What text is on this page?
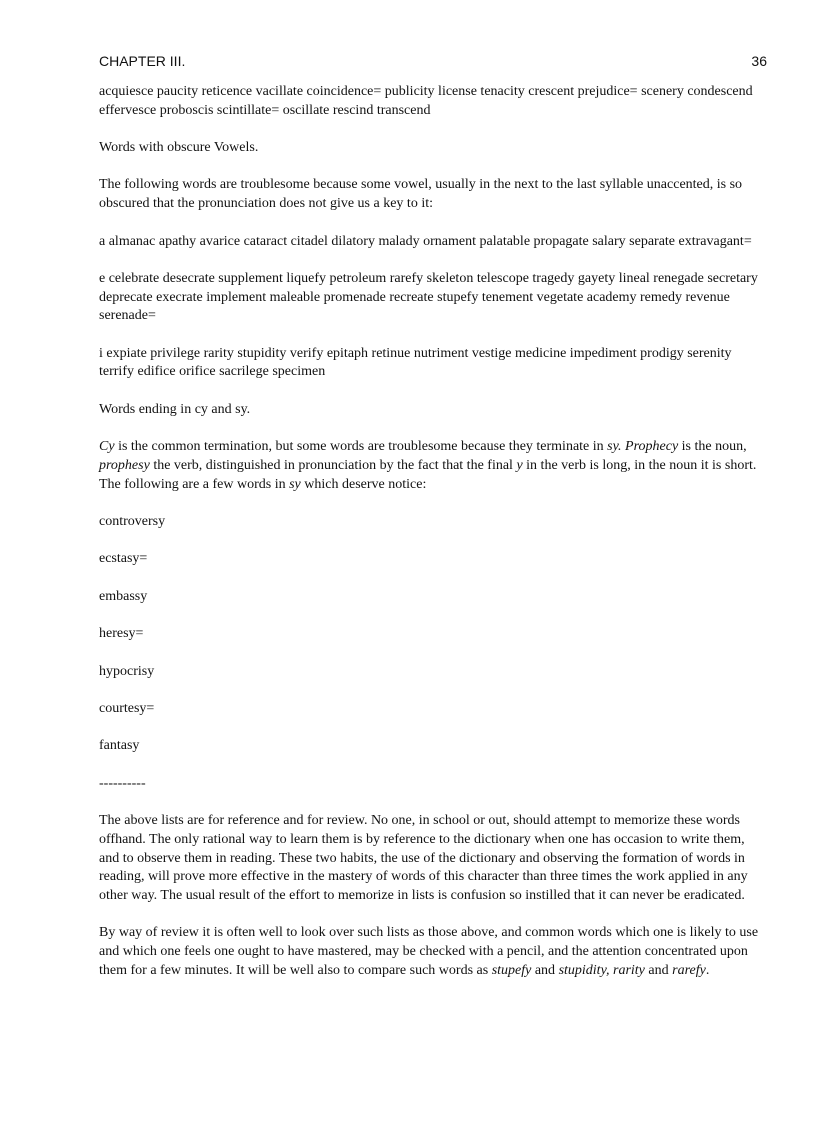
CHAPTER III.	36

acquiesce paucity reticence vacillate coincidence= publicity license tenacity crescent prejudice= scenery condescend effervesce proboscis scintillate= oscillate rescind transcend

Words with obscure Vowels.

The following words are troublesome because some vowel, usually in the next to the last syllable unaccented, is so obscured that the pronunciation does not give us a key to it:

a almanac apathy avarice cataract citadel dilatory malady ornament palatable propagate salary separate extravagant=

e celebrate desecrate supplement liquefy petroleum rarefy skeleton telescope tragedy gayety lineal renegade secretary deprecate execrate implement maleable promenade recreate stupefy tenement vegetate academy remedy revenue serenade=

i expiate privilege rarity stupidity verify epitaph retinue nutriment vestige medicine impediment prodigy serenity terrify edifice orifice sacrilege specimen

Words ending in cy and sy.

Cy is the common termination, but some words are troublesome because they terminate in sy. Prophecy is the noun, prophesy the verb, distinguished in pronunciation by the fact that the final y in the verb is long, in the noun it is short. The following are a few words in sy which deserve notice:

controversy

ecstasy=

embassy

heresy=

hypocrisy

courtesy=

fantasy

----------

The above lists are for reference and for review. No one, in school or out, should attempt to memorize these words offhand. The only rational way to learn them is by reference to the dictionary when one has occasion to write them, and to observe them in reading. These two habits, the use of the dictionary and observing the formation of words in reading, will prove more effective in the mastery of words of this character than three times the work applied in any other way. The usual result of the effort to memorize in lists is confusion so instilled that it can never be eradicated.

By way of review it is often well to look over such lists as those above, and common words which one is likely to use and which one feels one ought to have mastered, may be checked with a pencil, and the attention concentrated upon them for a few minutes. It will be well also to compare such words as stupefy and stupidity, rarity and rarefy.
